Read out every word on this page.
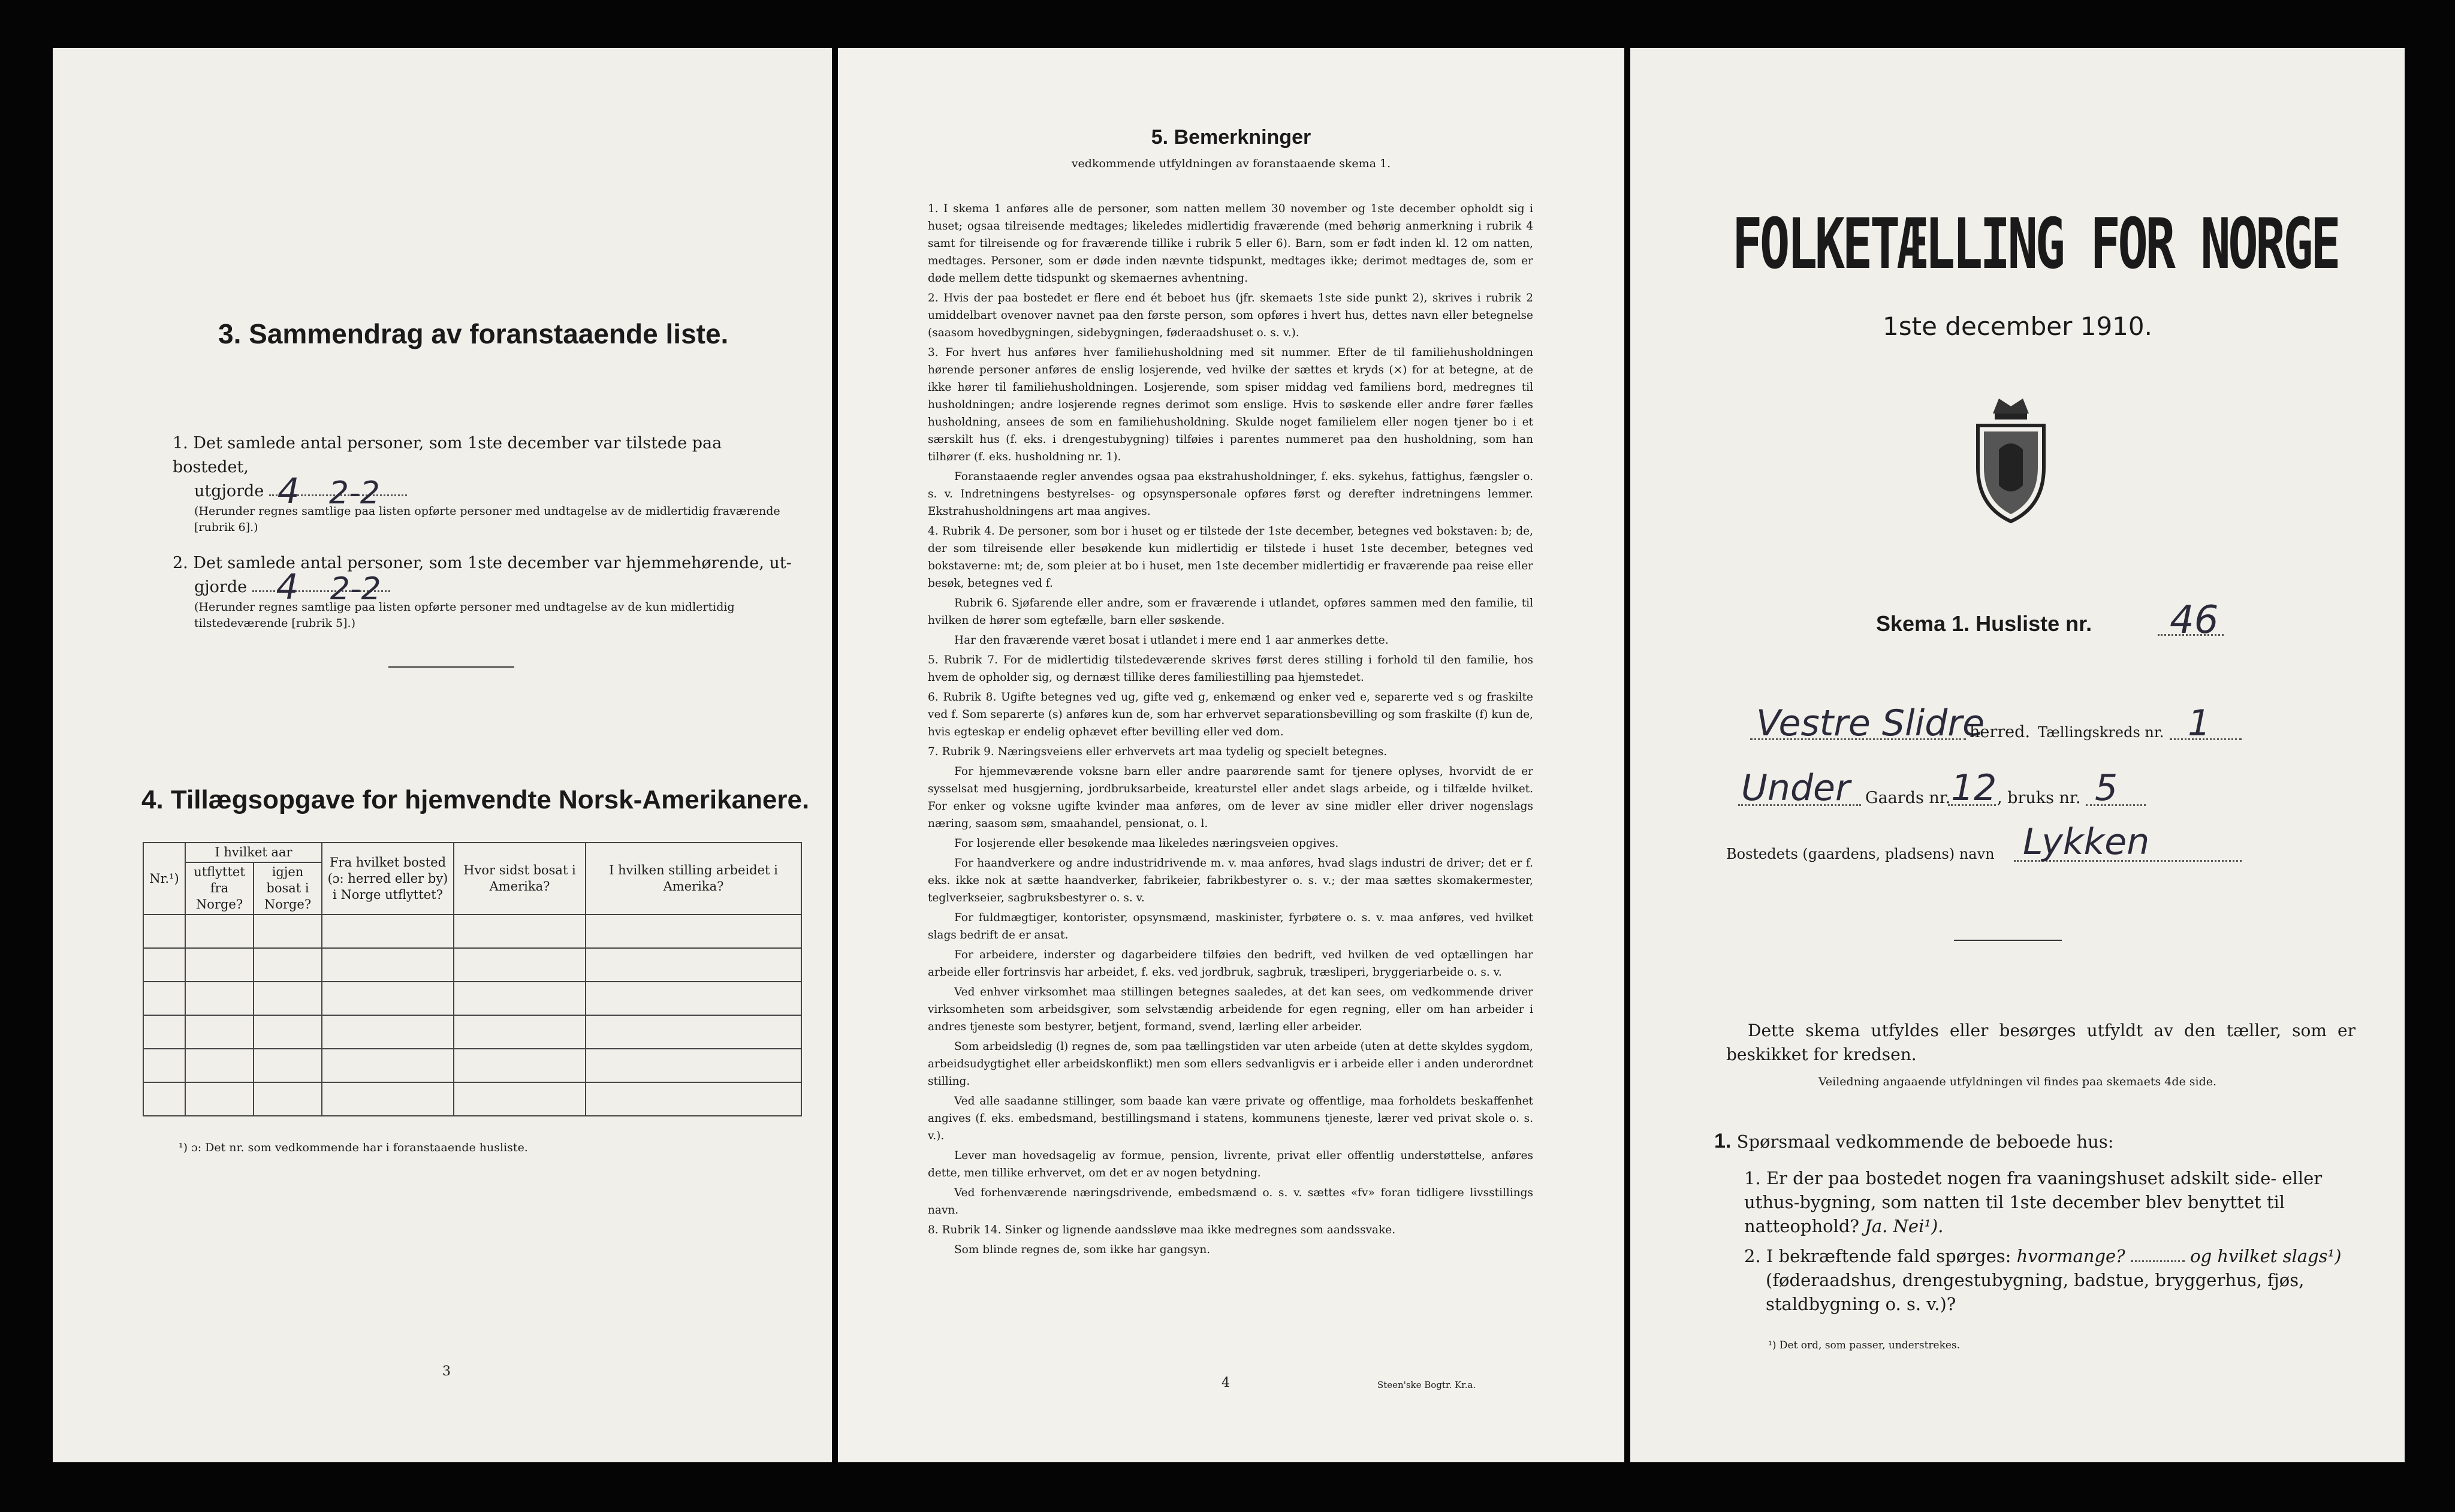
3. Sammendrag av foranstaaende liste.
1. Det samlede antal personer, som 1ste december var tilstede paa bostedet,
utgjorde 4 2-2
(Herunder regnes samtlige paa listen opførte personer med undtagelse av de midlertidig fraværende [rubrik 6].)
2. Det samlede antal personer, som 1ste december var hjemmehørende, ut-
gjorde 4 2-2
(Herunder regnes samtlige paa listen opførte personer med undtagelse av de kun midlertidig tilstedeværende [rubrik 5].)
4. Tillægsopgave for hjemvendte Norsk-Amerikanere.
Nr.¹)	I hvilket aar		Fra hvilket bosted (ɔ: herred eller by) i Norge utflyttet?	Hvor sidst bosat i Amerika?	I hvilken stilling arbeidet i Amerika?
	utflyttet fra Norge?	igjen bosat i Norge?			

¹) ɔ: Det nr. som vedkommende har i foranstaaende husliste.
3
5. Bemerkninger
vedkommende utfyldningen av foranstaaende skema 1.

1. I skema 1 anføres alle de personer, som natten mellem 30 november og 1ste december opholdt sig i huset; ogsaa tilreisende medtages; likeledes midlertidig fraværende (med behørig anmerkning i rubrik 4 samt for tilreisende og for fraværende tillike i rubrik 5 eller 6). Barn, som er født inden kl. 12 om natten, medtages. Personer, som er døde inden nævnte tidspunkt, medtages ikke; derimot medtages de, som er døde mellem dette tidspunkt og skemaernes avhentning.

2. Hvis der paa bostedet er flere end ét beboet hus (jfr. skemaets 1ste side punkt 2), skrives i rubrik 2 umiddelbart ovenover navnet paa den første person, som opføres i hvert hus, dettes navn eller betegnelse (saasom hovedbygningen, sidebygningen, føderaadshuset o. s. v.).

3. For hvert hus anføres hver familiehusholdning med sit nummer. Efter de til familiehusholdningen hørende personer anføres de enslig losjerende, ved hvilke der sættes et kryds (×) for at betegne, at de ikke hører til familiehusholdningen. Losjerende, som spiser middag ved familiens bord, medregnes til husholdningen; andre losjerende regnes derimot som enslige. Hvis to søskende eller andre fører fælles husholdning, ansees de som en familiehusholdning. Skulde noget familielem eller nogen tjener bo i et særskilt hus (f. eks. i drengestubygning) tilføies i parentes nummeret paa den husholdning, som han tilhører (f. eks. husholdning nr. 1).

Foranstaaende regler anvendes ogsaa paa ekstrahusholdninger, f. eks. sykehus, fattighus, fængsler o. s. v. Indretningens bestyrelses- og opsynspersonale opføres først og derefter indretningens lemmer. Ekstrahusholdningens art maa angives.

4. Rubrik 4. De personer, som bor i huset og er tilstede der 1ste december, betegnes ved bokstaven: b; de, der som tilreisende eller besøkende kun midlertidig er tilstede i huset 1ste december, betegnes ved bokstaverne: mt; de, som pleier at bo i huset, men 1ste december midlertidig er fraværende paa reise eller besøk, betegnes ved f.

Rubrik 6. Sjøfarende eller andre, som er fraværende i utlandet, opføres sammen med den familie, til hvilken de hører som egtefælle, barn eller søskende.

Har den fraværende været bosat i utlandet i mere end 1 aar anmerkes dette.

5. Rubrik 7. For de midlertidig tilstedeværende skrives først deres stilling i forhold til den familie, hos hvem de opholder sig, og dernæst tillike deres familiestilling paa hjemstedet.

6. Rubrik 8. Ugifte betegnes ved ug, gifte ved g, enkemænd og enker ved e, separerte ved s og fraskilte ved f. Som separerte (s) anføres kun de, som har erhvervet separationsbevilling og som fraskilte (f) kun de, hvis egteskap er endelig ophævet efter bevilling eller ved dom.

7. Rubrik 9. Næringsveiens eller erhvervets art maa tydelig og specielt betegnes.

For hjemmeværende voksne barn eller andre paarørende samt for tjenere oplyses, hvorvidt de er sysselsat med husgjerning, jordbruksarbeide, kreaturstel eller andet slags arbeide, og i tilfælde hvilket. For enker og voksne ugifte kvinder maa anføres, om de lever av sine midler eller driver nogenslags næring, saasom søm, smaahandel, pensionat, o. l.

For losjerende eller besøkende maa likeledes næringsveien opgives.

For haandverkere og andre industridrivende m. v. maa anføres, hvad slags industri de driver; det er f. eks. ikke nok at sætte haandverker, fabrikeier, fabrikbestyrer o. s. v.; der maa sættes skomakermester, teglverkseier, sagbruksbestyrer o. s. v.

For fuldmægtiger, kontorister, opsynsmænd, maskinister, fyrbøtere o. s. v. maa anføres, ved hvilket slags bedrift de er ansat.

For arbeidere, inderster og dagarbeidere tilføies den bedrift, ved hvilken de ved optællingen har arbeide eller fortrinsvis har arbeidet, f. eks. ved jordbruk, sagbruk, træsliperi, bryggeriarbeide o. s. v.

Ved enhver virksomhet maa stillingen betegnes saaledes, at det kan sees, om vedkommende driver virksomheten som arbeidsgiver, som selvstændig arbeidende for egen regning, eller om han arbeider i andres tjeneste som bestyrer, betjent, formand, svend, lærling eller arbeider.

Som arbeidsledig (l) regnes de, som paa tællingstiden var uten arbeide (uten at dette skyldes sygdom, arbeidsudygtighet eller arbeidskonflikt) men som ellers sedvanligvis er i arbeide eller i anden underordnet stilling.

Ved alle saadanne stillinger, som baade kan være private og offentlige, maa forholdets beskaffenhet angives (f. eks. embedsmand, bestillingsmand i statens, kommunens tjeneste, lærer ved privat skole o. s. v.).

Lever man hovedsagelig av formue, pension, livrente, privat eller offentlig understøttelse, anføres dette, men tillike erhvervet, om det er av nogen betydning.

Ved forhenværende næringsdrivende, embedsmænd o. s. v. sættes «fv» foran tidligere livsstillings navn.

8. Rubrik 14. Sinker og lignende aandssløve maa ikke medregnes som aandssvake.

Som blinde regnes de, som ikke har gangsyn.

4	Steen'ske Bogtr. Kr.a.
FOLKETÆLLING FOR NORGE
1ste december 1910.
Skema 1. Husliste nr. 46
Vestre Slidre
herred. Tællingskreds nr. 1
Under Gaards nr. 12 , bruks nr. 5
Bostedets (gaardens, pladsens) navn Lykken
Dette skema utfyldes eller besørges utfyldt av den tæller, som er beskikket for kredsen.
Veiledning angaaende utfyldningen vil findes paa skemaets 4de side.
1. Spørsmaal vedkommende de beboede hus:
1. Er der paa bostedet nogen fra vaaningshuset adskilt side- eller uthus-bygning, som natten til 1ste december blev benyttet til natteophold? Ja. Nei¹).
2. I bekræftende fald spørges: hvormange?	og hvilket slags¹)
(føderaadshus, drengestubygning, badstue, bryggerhus, fjøs, staldbygning o. s. v.)?
¹) Det ord, som passer, understrekes.
